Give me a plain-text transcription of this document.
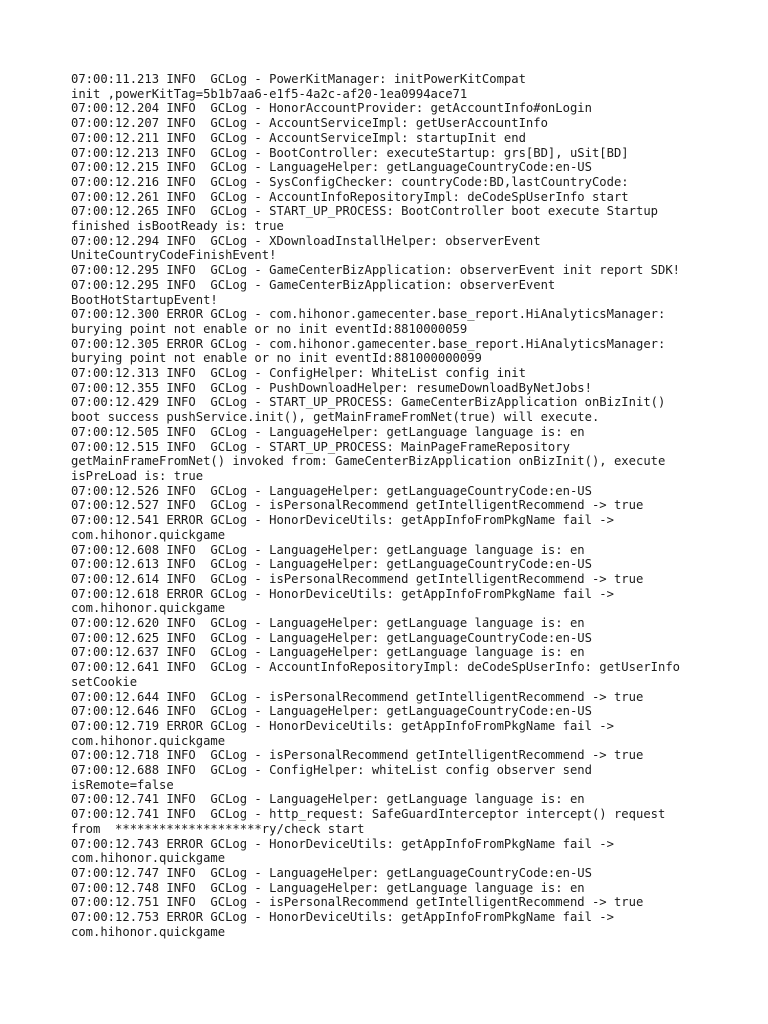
07:00:11.213 INFO  GCLog - PowerKitManager: initPowerKitCompat
init ,powerKitTag=5b1b7aa6-e1f5-4a2c-af20-1ea0994ace71
07:00:12.204 INFO  GCLog - HonorAccountProvider: getAccountInfo#onLogin
07:00:12.207 INFO  GCLog - AccountServiceImpl: getUserAccountInfo
07:00:12.211 INFO  GCLog - AccountServiceImpl: startupInit end
07:00:12.213 INFO  GCLog - BootController: executeStartup: grs[BD], uSit[BD]
07:00:12.215 INFO  GCLog - LanguageHelper: getLanguageCountryCode:en-US
07:00:12.216 INFO  GCLog - SysConfigChecker: countryCode:BD,lastCountryCode:
07:00:12.261 INFO  GCLog - AccountInfoRepositoryImpl: deCodeSpUserInfo start
07:00:12.265 INFO  GCLog - START_UP_PROCESS: BootController boot execute Startup
finished isBootReady is: true
07:00:12.294 INFO  GCLog - XDownloadInstallHelper: observerEvent
UniteCountryCodeFinishEvent!
07:00:12.295 INFO  GCLog - GameCenterBizApplication: observerEvent init report SDK!
07:00:12.295 INFO  GCLog - GameCenterBizApplication: observerEvent
BootHotStartupEvent!
07:00:12.300 ERROR GCLog - com.hihonor.gamecenter.base_report.HiAnalyticsManager:
burying point not enable or no init eventId:8810000059
07:00:12.305 ERROR GCLog - com.hihonor.gamecenter.base_report.HiAnalyticsManager:
burying point not enable or no init eventId:881000000099
07:00:12.313 INFO  GCLog - ConfigHelper: WhiteList config init
07:00:12.355 INFO  GCLog - PushDownloadHelper: resumeDownloadByNetJobs!
07:00:12.429 INFO  GCLog - START_UP_PROCESS: GameCenterBizApplication onBizInit()
boot success pushService.init(), getMainFrameFromNet(true) will execute.
07:00:12.505 INFO  GCLog - LanguageHelper: getLanguage language is: en
07:00:12.515 INFO  GCLog - START_UP_PROCESS: MainPageFrameRepository
getMainFrameFromNet() invoked from: GameCenterBizApplication onBizInit(), execute
isPreLoad is: true
07:00:12.526 INFO  GCLog - LanguageHelper: getLanguageCountryCode:en-US
07:00:12.527 INFO  GCLog - isPersonalRecommend getIntelligentRecommend -> true
07:00:12.541 ERROR GCLog - HonorDeviceUtils: getAppInfoFromPkgName fail ->
com.hihonor.quickgame
07:00:12.608 INFO  GCLog - LanguageHelper: getLanguage language is: en
07:00:12.613 INFO  GCLog - LanguageHelper: getLanguageCountryCode:en-US
07:00:12.614 INFO  GCLog - isPersonalRecommend getIntelligentRecommend -> true
07:00:12.618 ERROR GCLog - HonorDeviceUtils: getAppInfoFromPkgName fail ->
com.hihonor.quickgame
07:00:12.620 INFO  GCLog - LanguageHelper: getLanguage language is: en
07:00:12.625 INFO  GCLog - LanguageHelper: getLanguageCountryCode:en-US
07:00:12.637 INFO  GCLog - LanguageHelper: getLanguage language is: en
07:00:12.641 INFO  GCLog - AccountInfoRepositoryImpl: deCodeSpUserInfo: getUserInfo
setCookie
07:00:12.644 INFO  GCLog - isPersonalRecommend getIntelligentRecommend -> true
07:00:12.646 INFO  GCLog - LanguageHelper: getLanguageCountryCode:en-US
07:00:12.719 ERROR GCLog - HonorDeviceUtils: getAppInfoFromPkgName fail ->
com.hihonor.quickgame
07:00:12.718 INFO  GCLog - isPersonalRecommend getIntelligentRecommend -> true
07:00:12.688 INFO  GCLog - ConfigHelper: whiteList config observer send
isRemote=false
07:00:12.741 INFO  GCLog - LanguageHelper: getLanguage language is: en
07:00:12.741 INFO  GCLog - http_request: SafeGuardInterceptor intercept() request
from  ********************ry/check start
07:00:12.743 ERROR GCLog - HonorDeviceUtils: getAppInfoFromPkgName fail ->
com.hihonor.quickgame
07:00:12.747 INFO  GCLog - LanguageHelper: getLanguageCountryCode:en-US
07:00:12.748 INFO  GCLog - LanguageHelper: getLanguage language is: en
07:00:12.751 INFO  GCLog - isPersonalRecommend getIntelligentRecommend -> true
07:00:12.753 ERROR GCLog - HonorDeviceUtils: getAppInfoFromPkgName fail ->
com.hihonor.quickgame
